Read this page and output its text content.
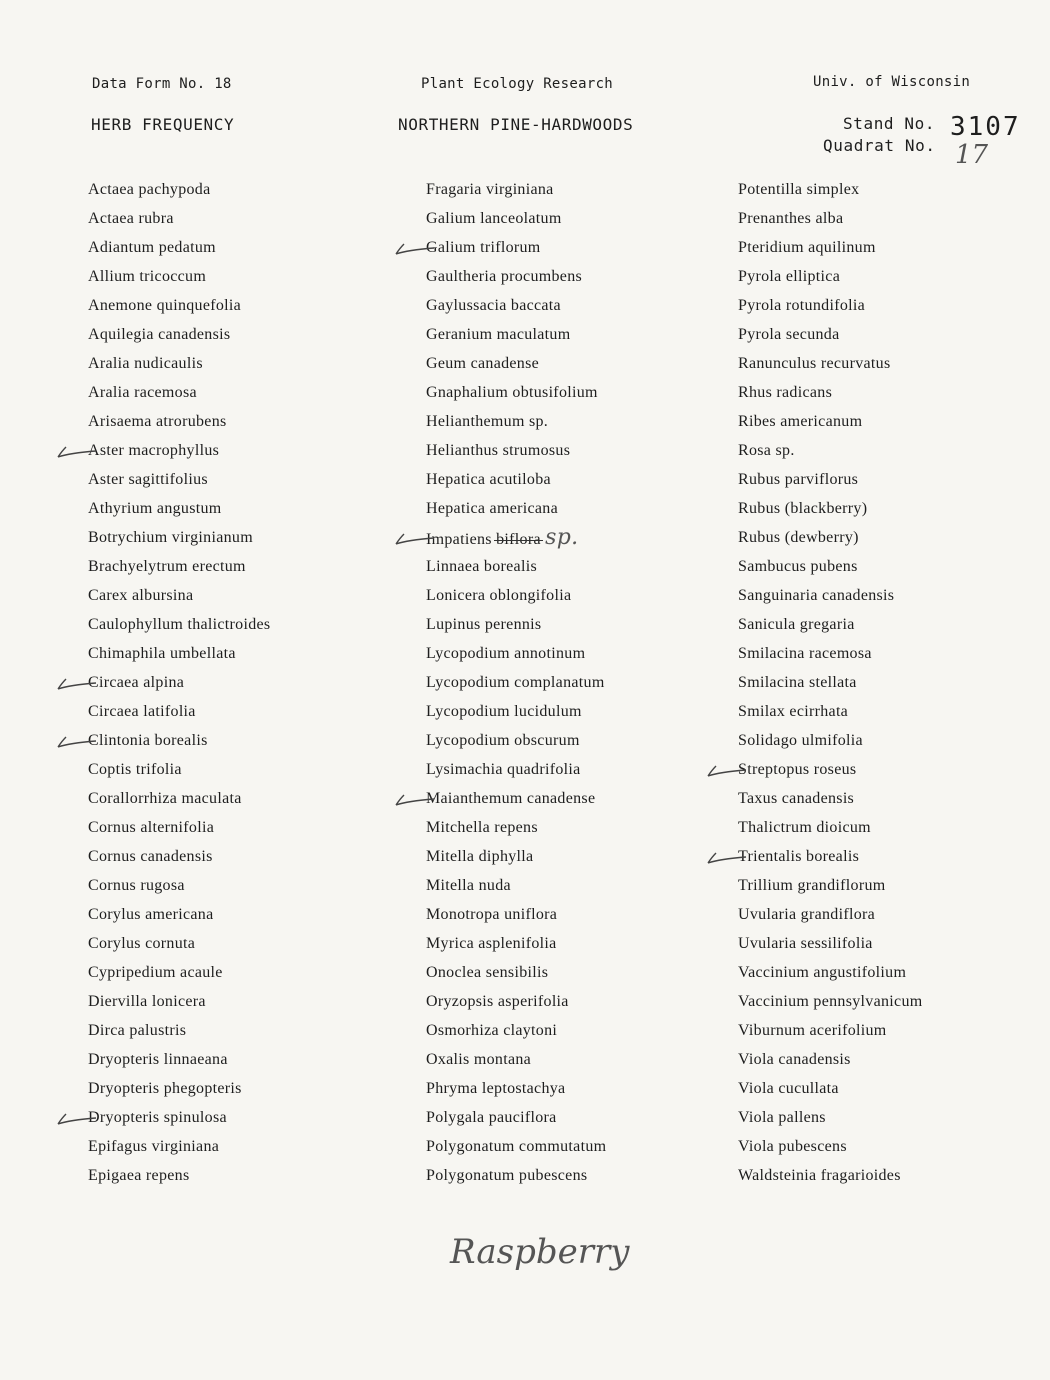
Data Form No. 18	Plant Ecology Research	Univ. of Wisconsin
HERB FREQUENCY	NORTHERN PINE-HARDWOODS	Stand No. 3107
Quadrat No. 17
Actaea pachypoda
Actaea rubra
Adiantum pedatum
Allium tricoccum
Anemone quinquefolia
Aquilegia canadensis
Aralia nudicaulis
Aralia racemosa
Arisaema atrorubens
Aster macrophyllus
Aster sagittifolius
Athyrium angustum
Botrychium virginianum
Brachyelytrum erectum
Carex albursina
Caulophyllum thalictroides
Chimaphila umbellata
Circaea alpina
Circaea latifolia
Clintonia borealis
Coptis trifolia
Corallorrhiza maculata
Cornus alternifolia
Cornus canadensis
Cornus rugosa
Corylus americana
Corylus cornuta
Cypripedium acaule
Diervilla lonicera
Dirca palustris
Dryopteris linnaeana
Dryopteris phegopteris
Dryopteris spinulosa
Epifagus virginiana
Epigaea repens
Fragaria virginiana
Galium lanceolatum
Galium triflorum
Gaultheria procumbens
Gaylussacia baccata
Geranium maculatum
Geum canadense
Gnaphalium obtusifolium
Helianthemum sp.
Helianthus strumosus
Hepatica acutiloba
Hepatica americana
Impatiens biflora sp.
Linnaea borealis
Lonicera oblongifolia
Lupinus perennis
Lycopodium annotinum
Lycopodium complanatum
Lycopodium lucidulum
Lycopodium obscurum
Lysimachia quadrifolia
Maianthemum canadense
Mitchella repens
Mitella diphylla
Mitella nuda
Monotropa uniflora
Myrica asplenifolia
Onoclea sensibilis
Oryzopsis asperifolia
Osmorhiza claytoni
Oxalis montana
Phryma leptostachya
Polygala pauciflora
Polygonatum commutatum
Polygonatum pubescens
Potentilla simplex
Prenanthes alba
Pteridium aquilinum
Pyrola elliptica
Pyrola rotundifolia
Pyrola secunda
Ranunculus recurvatus
Rhus radicans
Ribes americanum
Rosa sp.
Rubus parviflorus
Rubus (blackberry)
Rubus (dewberry)
Sambucus pubens
Sanguinaria canadensis
Sanicula gregaria
Smilacina racemosa
Smilacina stellata
Smilax ecirrhata
Solidago ulmifolia
Streptopus roseus
Taxus canadensis
Thalictrum dioicum
Trientalis borealis
Trillium grandiflorum
Uvularia grandiflora
Uvularia sessilifolia
Vaccinium angustifolium
Vaccinium pennsylvanicum
Viburnum acerifolium
Viola canadensis
Viola cucullata
Viola pallens
Viola pubescens
Waldsteinia fragarioides
Raspberry
